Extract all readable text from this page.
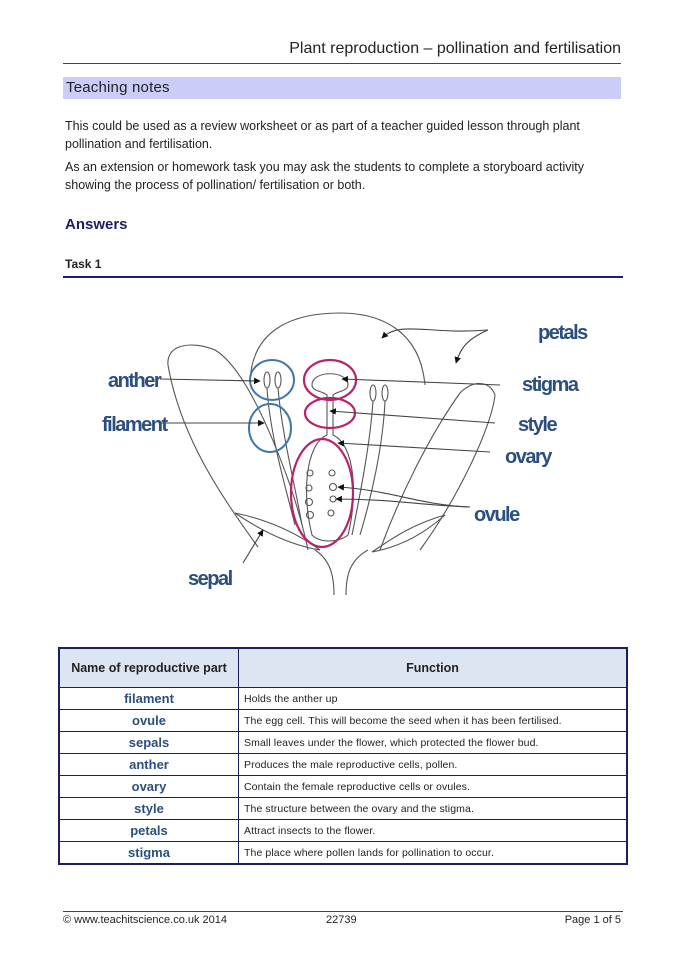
Plant reproduction – pollination and fertilisation
Teaching notes

This could be used as a review worksheet or as part of a teacher guided lesson through plant pollination and fertilisation.

As an extension or homework task you may ask the students to complete a storyboard activity showing the process of pollination/ fertilisation or both.

Answers
Task 1
anther
filament
sepal
petals
stigma
style
ovary
ovule
Name of reproductive part	Function
filament	Holds the anther up
ovule	The egg cell. This will become the seed when it has been fertilised.
sepals	Small leaves under the flower, which protected the flower bud.
anther	Produces the male reproductive cells, pollen.
ovary	Contain the female reproductive cells or ovules.
style	The structure between the ovary and the stigma.
petals	Attract insects to the flower.
stigma	The place where pollen lands for pollination to occur.
© www.teachitscience.co.uk 2014	22739	Page 1 of 5
